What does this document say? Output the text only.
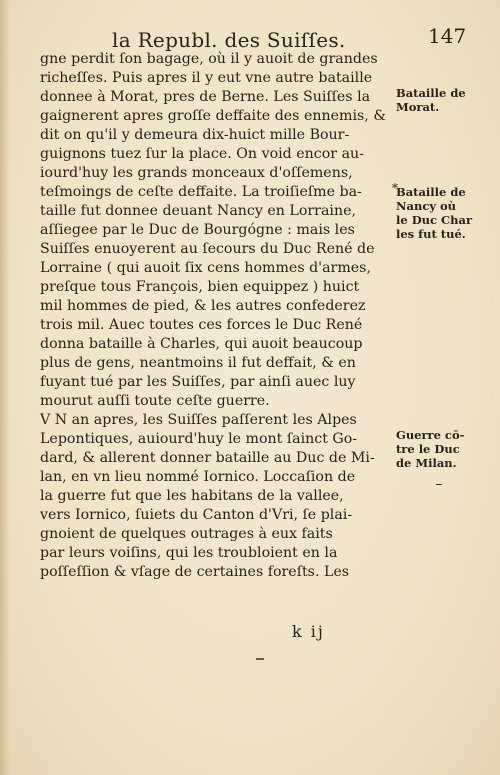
la Republ. des Suiſſes.	147
gne perdit ſon bagage, où il y auoit de grandes
richeſſes. Puis apres il y eut vne autre bataille
donnee à Morat, pres de Berne. Les Suiſſes la
gaignerent apres groſſe deffaite des ennemis, &
dit on qu'il y demeura dix-huict mille Bour-
guignons tuez ſur la place. On void encor au-
iourd'huy les grands monceaux d'oſſemens,
teſmoings de ceſte deffaite. La troiſieſme ba-
taille fut donnee deuant Nancy en Lorraine,
aſſiegee par le Duc de Bourgógne : mais les
Suiſſes enuoyerent au ſecours du Duc René de
Lorraine ( qui auoit ſix cens hommes d'armes,
preſque tous François, bien equippez ) huict
mil hommes de pied, & les autres confederez
trois mil. Auec toutes ces forces le Duc René
donna bataille à Charles, qui auoit beaucoup
plus de gens, neantmoins il fut deffait, & en
fuyant tué par les Suiſſes, par ainſi auec luy
mourut auſſi toute ceſte guerre.
V N an apres, les Suiſſes paſſerent les Alpes
Lepontiques, auiourd'huy le mont ſainct Go-
dard, & allerent donner bataille au Duc de Mi-
lan, en vn lieu nommé Iornico. Loccaſion de
la guerre fut que les habitans de la vallee,
vers Iornico, ſuiets du Canton d'Vri, ſe plai-
gnoient de quelques outrages à eux faits
par leurs voiſins, qui les troubloient en la
poſſeſſion & vſage de certaines foreſts. Les
Bataille de
Morat.
*
Bataille de
Nancy où
le Duc Char
les fut tué.
Guerre cō-
tre le Duc
de Milan.
k ij
